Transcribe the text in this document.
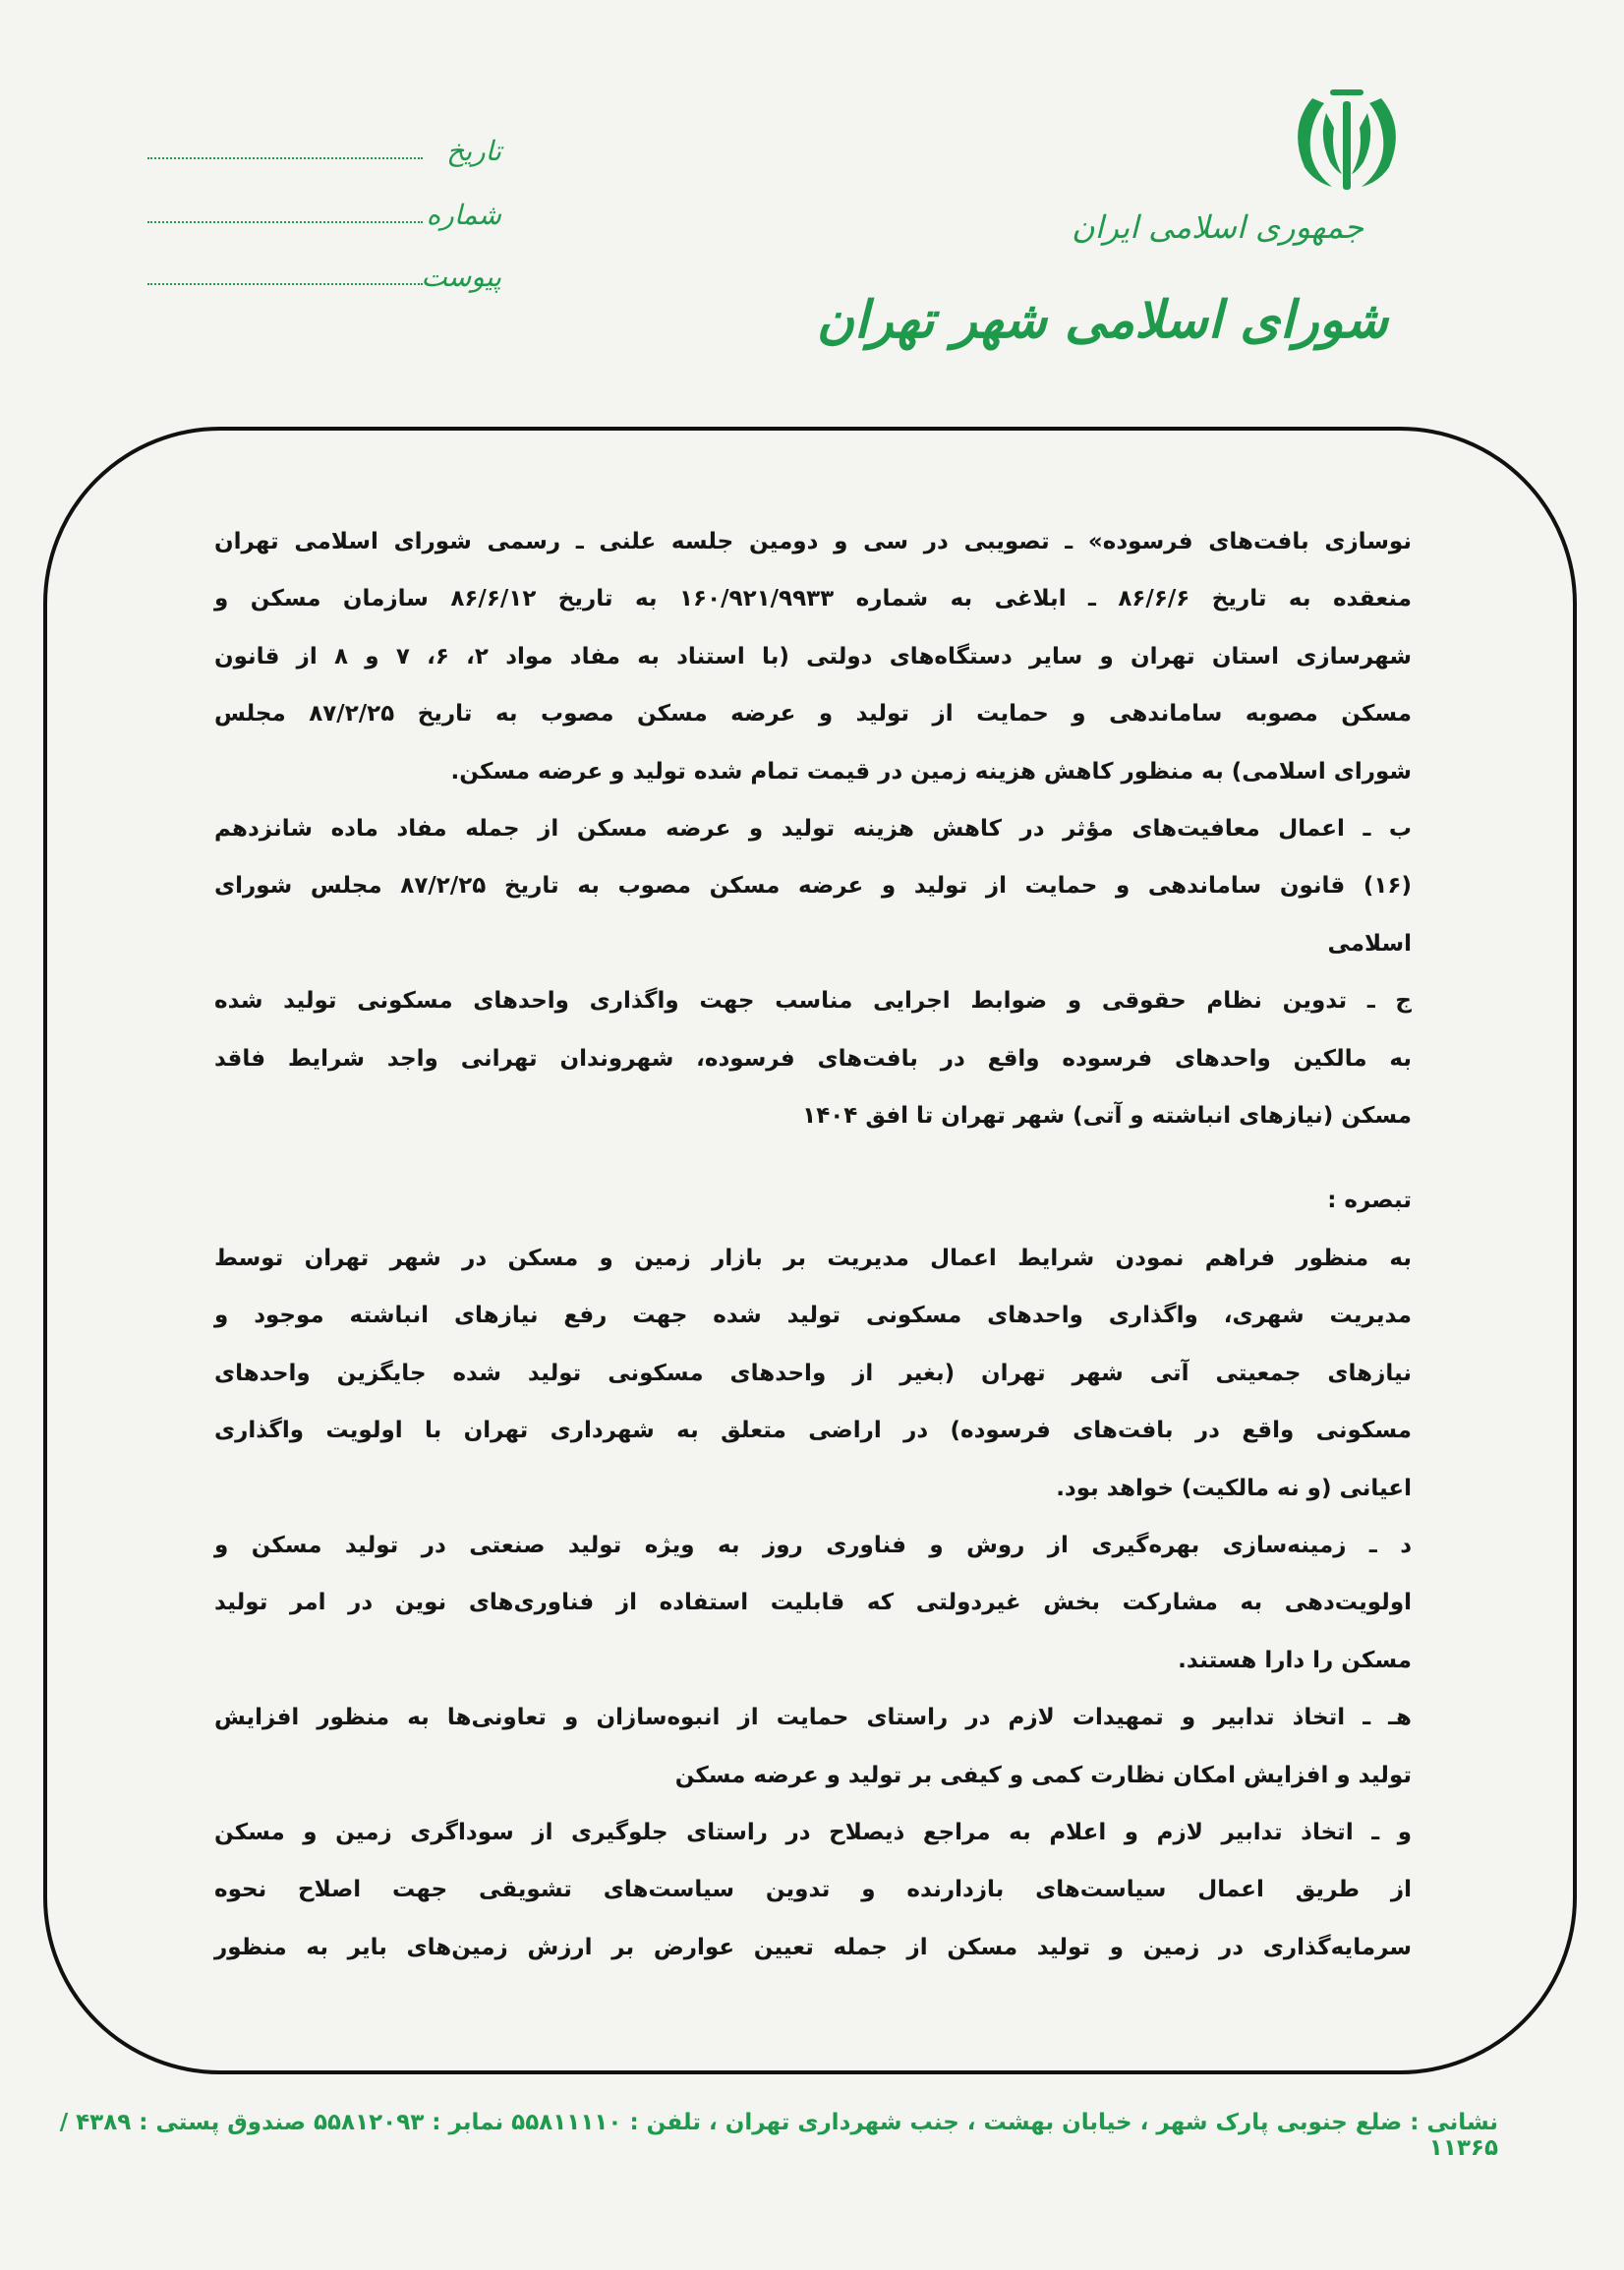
جمهوری اسلامی ایران
شورای اسلامی شهر تهران
تاریخ
شماره
پیوست
نوسازی بافت‌های فرسوده» ـ تصویبی در سی و دومین جلسه علنی ـ رسمی شورای اسلامی تهران
منعقده به تاریخ ۸۶/۶/۶ ـ ابلاغی به شماره ۱۶۰/۹۲۱/۹۹۳۳ به تاریخ ۸۶/۶/۱۲ سازمان مسکن و
شهرسازی استان تهران و سایر دستگاه‌های دولتی (با استناد به مفاد مواد ۲، ۶، ۷ و ۸ از قانون
مسکن مصوبه ساماندهی و حمایت از تولید و عرضه مسکن مصوب به تاریخ ۸۷/۲/۲۵ مجلس
شورای اسلامی) به منظور کاهش هزینه زمین در قیمت تمام شده تولید و عرضه مسکن.
ب ـ اعمال معافیت‌های مؤثر در کاهش هزینه تولید و عرضه مسکن از جمله مفاد ماده شانزدهم
(۱۶) قانون ساماندهی و حمایت از تولید و عرضه مسکن مصوب به تاریخ ۸۷/۲/۲۵ مجلس شورای
اسلامی
ج ـ تدوین نظام حقوقی و ضوابط اجرایی مناسب جهت واگذاری واحدهای مسکونی تولید شده
به مالکین واحدهای فرسوده واقع در بافت‌های فرسوده، شهروندان تهرانی واجد شرایط فاقد
مسکن (نیازهای انباشته و آتی) شهر تهران تا افق ۱۴۰۴
تبصره :
به منظور فراهم نمودن شرایط اعمال مدیریت بر بازار زمین و مسکن در شهر تهران توسط
مدیریت شهری، واگذاری واحدهای مسکونی تولید شده جهت رفع نیازهای انباشته موجود و
نیازهای جمعیتی آتی شهر تهران (بغیر از واحدهای مسکونی تولید شده جایگزین واحدهای
مسکونی واقع در بافت‌های فرسوده) در اراضی متعلق به شهرداری تهران با اولویت واگذاری
اعیانی (و نه مالکیت) خواهد بود.
د ـ زمینه‌سازی بهره‌گیری از روش و فناوری روز به ویژه تولید صنعتی در تولید مسکن و
اولویت‌دهی به مشارکت بخش غیردولتی که قابلیت استفاده از فناوری‌های نوین در امر تولید
مسکن را دارا هستند.
هـ ـ اتخاذ تدابیر و تمهیدات لازم در راستای حمایت از انبوه‌سازان و تعاونی‌ها به منظور افزایش
تولید و افزایش امکان نظارت کمی و کیفی بر تولید و عرضه مسکن
و ـ اتخاذ تدابیر لازم و اعلام به مراجع ذیصلاح در راستای جلوگیری از سوداگری زمین و مسکن
از طریق اعمال سیاست‌های بازدارنده و تدوین سیاست‌های تشویقی جهت اصلاح نحوه
سرمایه‌گذاری در زمین و تولید مسکن از جمله تعیین عوارض بر ارزش زمین‌های بایر به منظور
نشانی : ضلع جنوبی پارک شهر ، خیابان بهشت ، جنب شهرداری تهران ، تلفن : ۵۵۸۱۱۱۱۰ نمابر : ۵۵۸۱۲۰۹۳ صندوق پستی : ۴۳۸۹ / ۱۱۳۶۵
